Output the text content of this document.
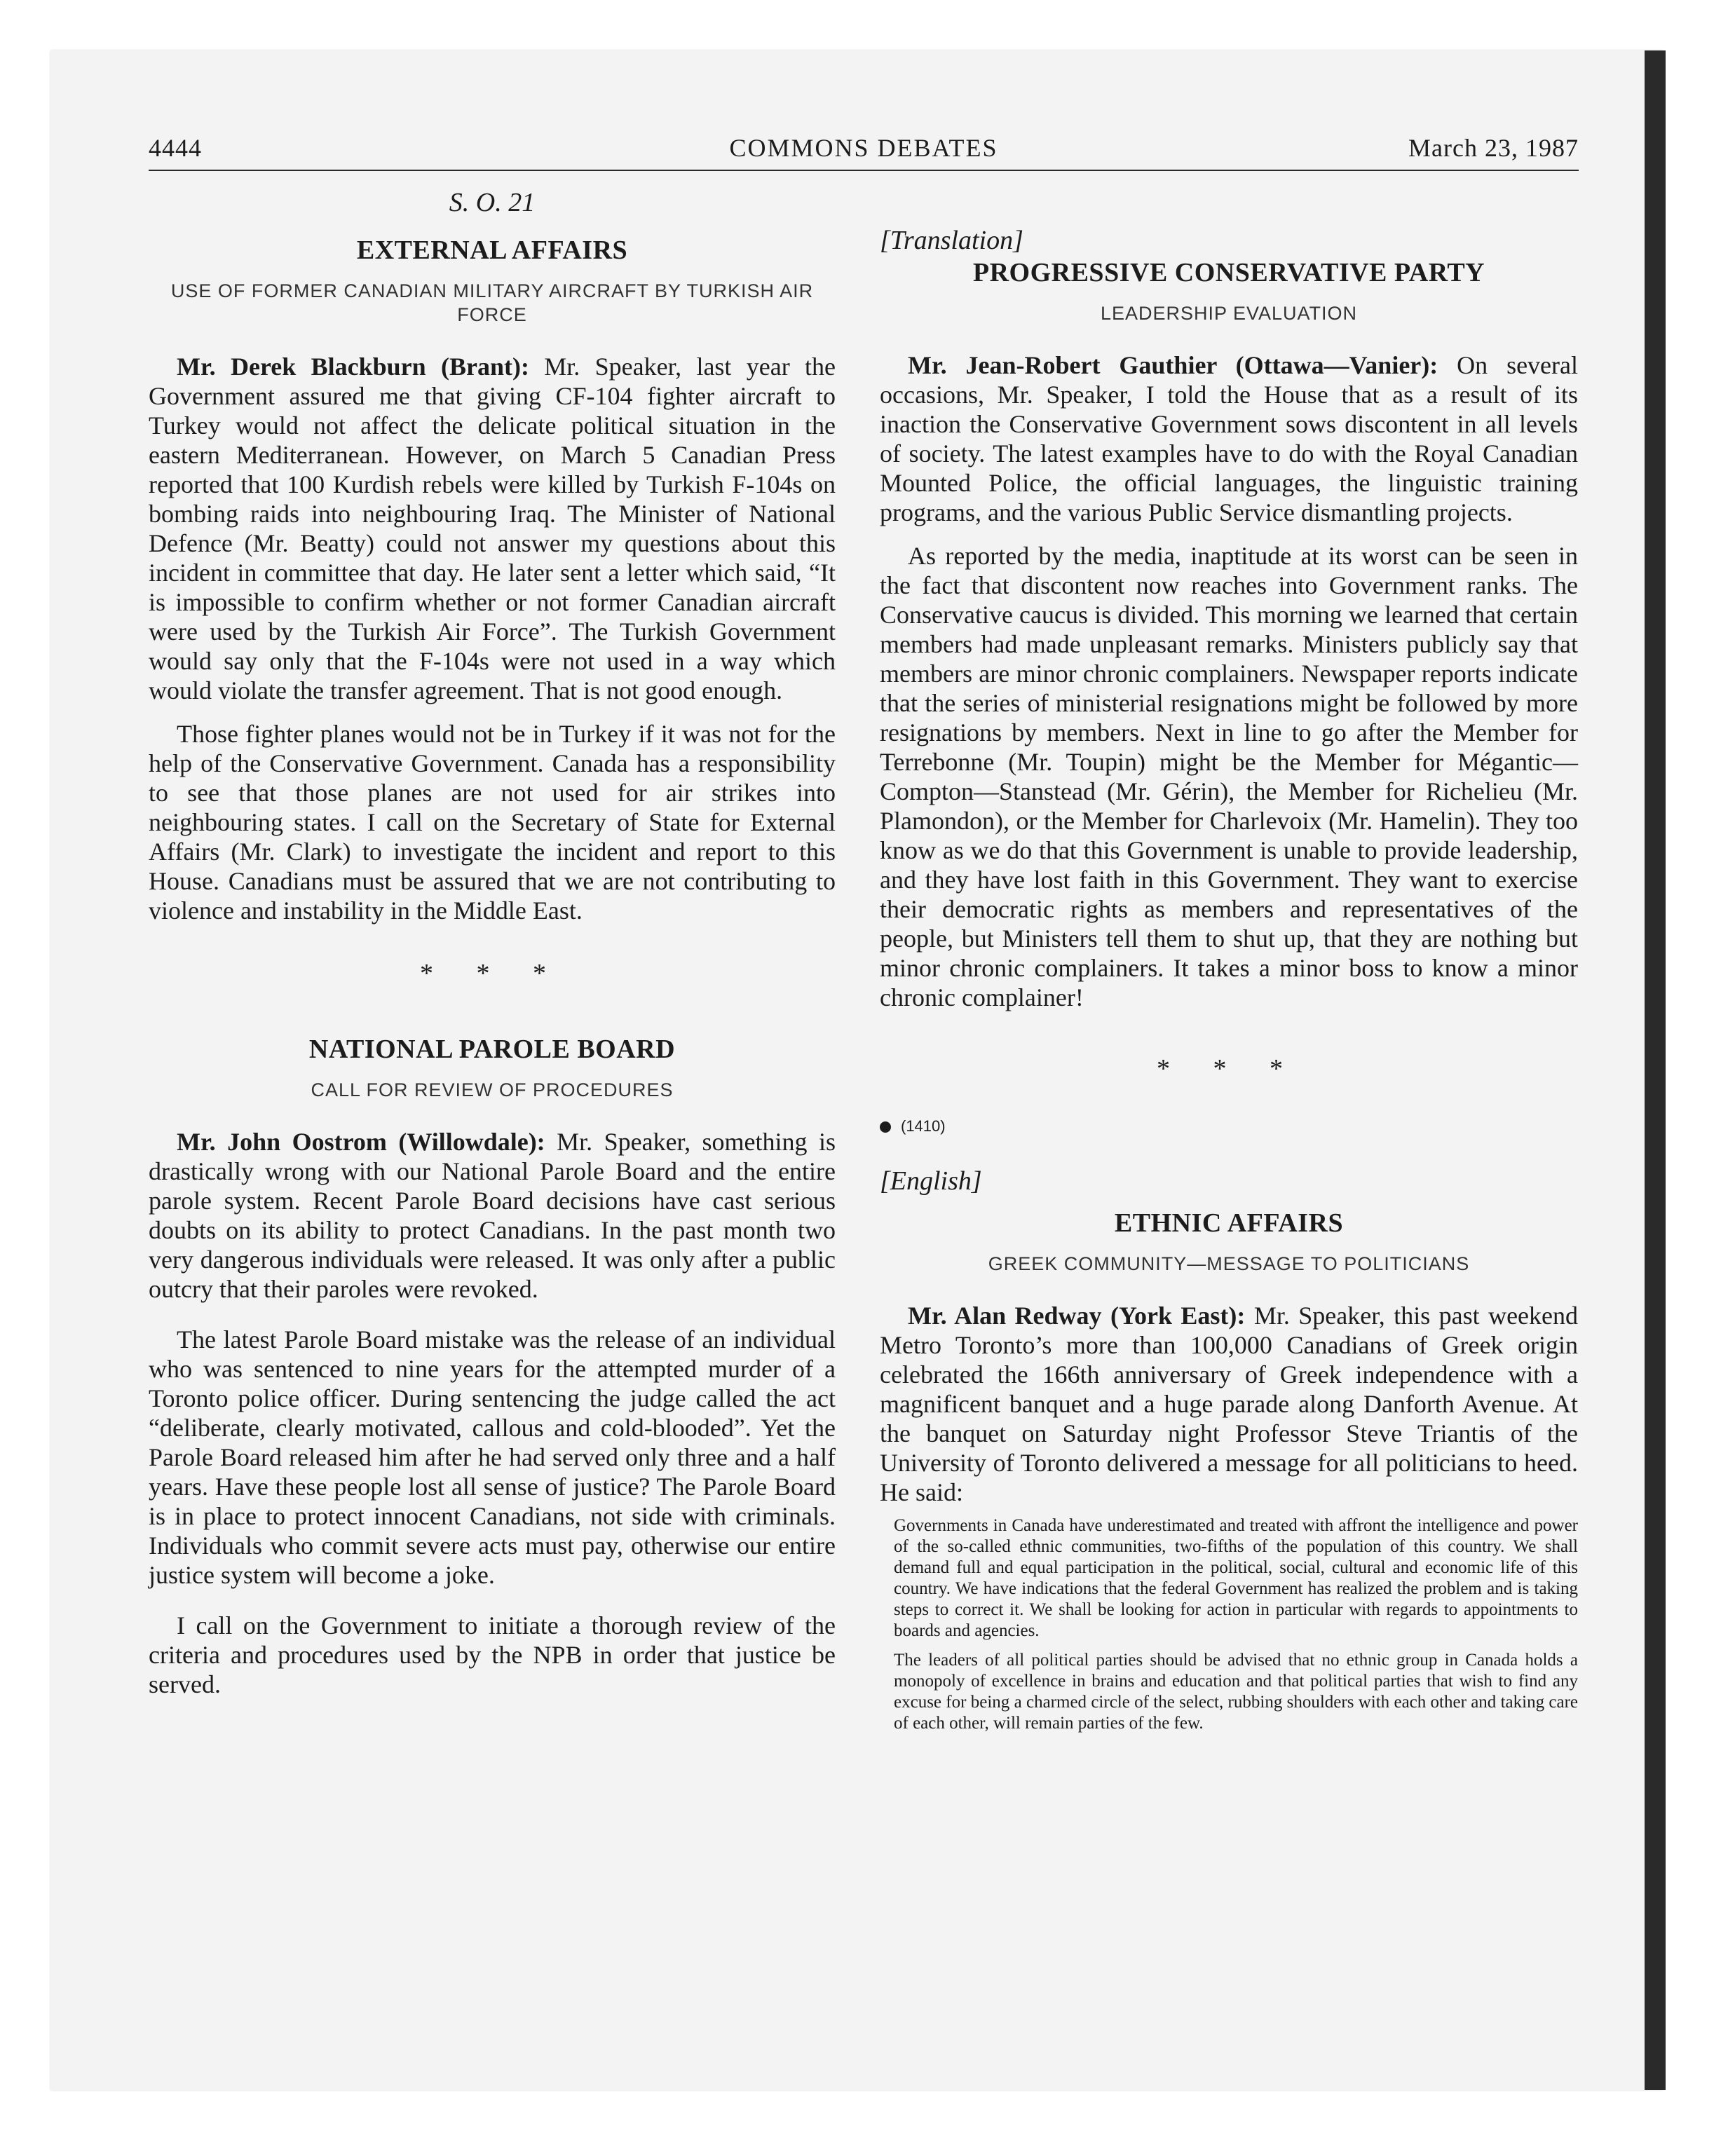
4444	COMMONS DEBATES	March 23, 1987
S. O. 21
EXTERNAL AFFAIRS
USE OF FORMER CANADIAN MILITARY AIRCRAFT BY TURKISH AIR FORCE

Mr. Derek Blackburn (Brant): Mr. Speaker, last year the Government assured me that giving CF-104 fighter aircraft to Turkey would not affect the delicate political situation in the eastern Mediterranean. However, on March 5 Canadian Press reported that 100 Kurdish rebels were killed by Turkish F-104s on bombing raids into neighbouring Iraq. The Minister of National Defence (Mr. Beatty) could not answer my questions about this incident in committee that day. He later sent a letter which said, “It is impossible to confirm whether or not former Canadian aircraft were used by the Turkish Air Force”. The Turkish Government would say only that the F-104s were not used in a way which would violate the transfer agreement. That is not good enough.

Those fighter planes would not be in Turkey if it was not for the help of the Conservative Government. Canada has a responsibility to see that those planes are not used for air strikes into neighbouring states. I call on the Secretary of State for External Affairs (Mr. Clark) to investigate the incident and report to this House. Canadians must be assured that we are not contributing to violence and instability in the Middle East.

* * *
NATIONAL PAROLE BOARD
CALL FOR REVIEW OF PROCEDURES

Mr. John Oostrom (Willowdale): Mr. Speaker, something is drastically wrong with our National Parole Board and the entire parole system. Recent Parole Board decisions have cast serious doubts on its ability to protect Canadians. In the past month two very dangerous individuals were released. It was only after a public outcry that their paroles were revoked.

The latest Parole Board mistake was the release of an individual who was sentenced to nine years for the attempted murder of a Toronto police officer. During sentencing the judge called the act “deliberate, clearly motivated, callous and cold-blooded”. Yet the Parole Board released him after he had served only three and a half years. Have these people lost all sense of justice? The Parole Board is in place to protect innocent Canadians, not side with criminals. Individuals who commit severe acts must pay, otherwise our entire justice system will become a joke.

I call on the Government to initiate a thorough review of the criteria and procedures used by the NPB in order that justice be served.

[Translation]
PROGRESSIVE CONSERVATIVE PARTY
LEADERSHIP EVALUATION

Mr. Jean-Robert Gauthier (Ottawa—Vanier): On several occasions, Mr. Speaker, I told the House that as a result of its inaction the Conservative Government sows discontent in all levels of society. The latest examples have to do with the Royal Canadian Mounted Police, the official languages, the linguistic training programs, and the various Public Service dismantling projects.

As reported by the media, inaptitude at its worst can be seen in the fact that discontent now reaches into Government ranks. The Conservative caucus is divided. This morning we learned that certain members had made unpleasant remarks. Ministers publicly say that members are minor chronic complainers. Newspaper reports indicate that the series of ministerial resignations might be followed by more resignations by members. Next in line to go after the Member for Terrebonne (Mr. Toupin) might be the Member for Mégantic—Compton—Stanstead (Mr. Gérin), the Member for Richelieu (Mr. Plamondon), or the Member for Charlevoix (Mr. Hamelin). They too know as we do that this Government is unable to provide leadership, and they have lost faith in this Government. They want to exercise their democratic rights as members and representatives of the people, but Ministers tell them to shut up, that they are nothing but minor chronic complainers. It takes a minor boss to know a minor chronic complainer!

* * *
(1410)
[English]
ETHNIC AFFAIRS
GREEK COMMUNITY—MESSAGE TO POLITICIANS

Mr. Alan Redway (York East): Mr. Speaker, this past weekend Metro Toronto’s more than 100,000 Canadians of Greek origin celebrated the 166th anniversary of Greek independence with a magnificent banquet and a huge parade along Danforth Avenue. At the banquet on Saturday night Professor Steve Triantis of the University of Toronto delivered a message for all politicians to heed. He said:

Governments in Canada have underestimated and treated with affront the intelligence and power of the so-called ethnic communities, two-fifths of the population of this country. We shall demand full and equal participation in the political, social, cultural and economic life of this country. We have indications that the federal Government has realized the problem and is taking steps to correct it. We shall be looking for action in particular with regards to appointments to boards and agencies.

The leaders of all political parties should be advised that no ethnic group in Canada holds a monopoly of excellence in brains and education and that political parties that wish to find any excuse for being a charmed circle of the select, rubbing shoulders with each other and taking care of each other, will remain parties of the few.
